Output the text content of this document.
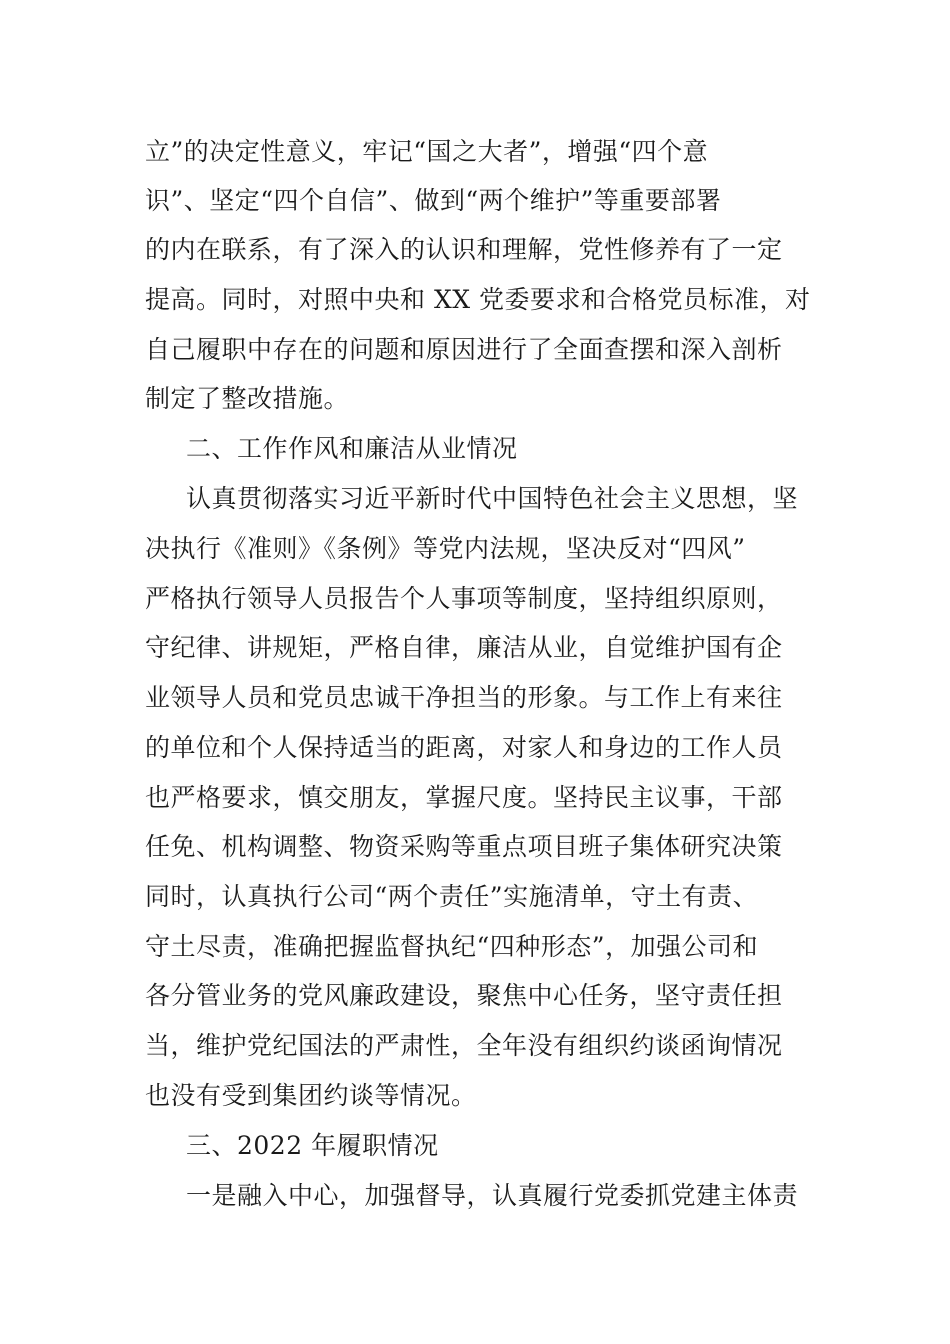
立”的决定性意义，牢记“国之大者”，增强“四个意
识”、坚定“四个自信”、做到“两个维护”等重要部署
的内在联系，有了深入的认识和理解，党性修养有了一定
提高。同时，对照中央和 XX 党委要求和合格党员标准，对
自己履职中存在的问题和原因进行了全面查摆和深入剖析
制定了整改措施。
二、工作作风和廉洁从业情况
认真贯彻落实习近平新时代中国特色社会主义思想，坚
决执行《准则》《条例》等党内法规，坚决反对“四风”
严格执行领导人员报告个人事项等制度，坚持组织原则，
守纪律、讲规矩，严格自律，廉洁从业，自觉维护国有企
业领导人员和党员忠诚干净担当的形象。与工作上有来往
的单位和个人保持适当的距离，对家人和身边的工作人员
也严格要求，慎交朋友，掌握尺度。坚持民主议事，干部
任免、机构调整、物资采购等重点项目班子集体研究决策
同时，认真执行公司“两个责任”实施清单，守土有责、
守土尽责，准确把握监督执纪“四种形态”，加强公司和
各分管业务的党风廉政建设，聚焦中心任务，坚守责任担
当，维护党纪国法的严肃性，全年没有组织约谈函询情况
也没有受到集团约谈等情况。
三、2022 年履职情况
一是融入中心，加强督导，认真履行党委抓党建主体责
